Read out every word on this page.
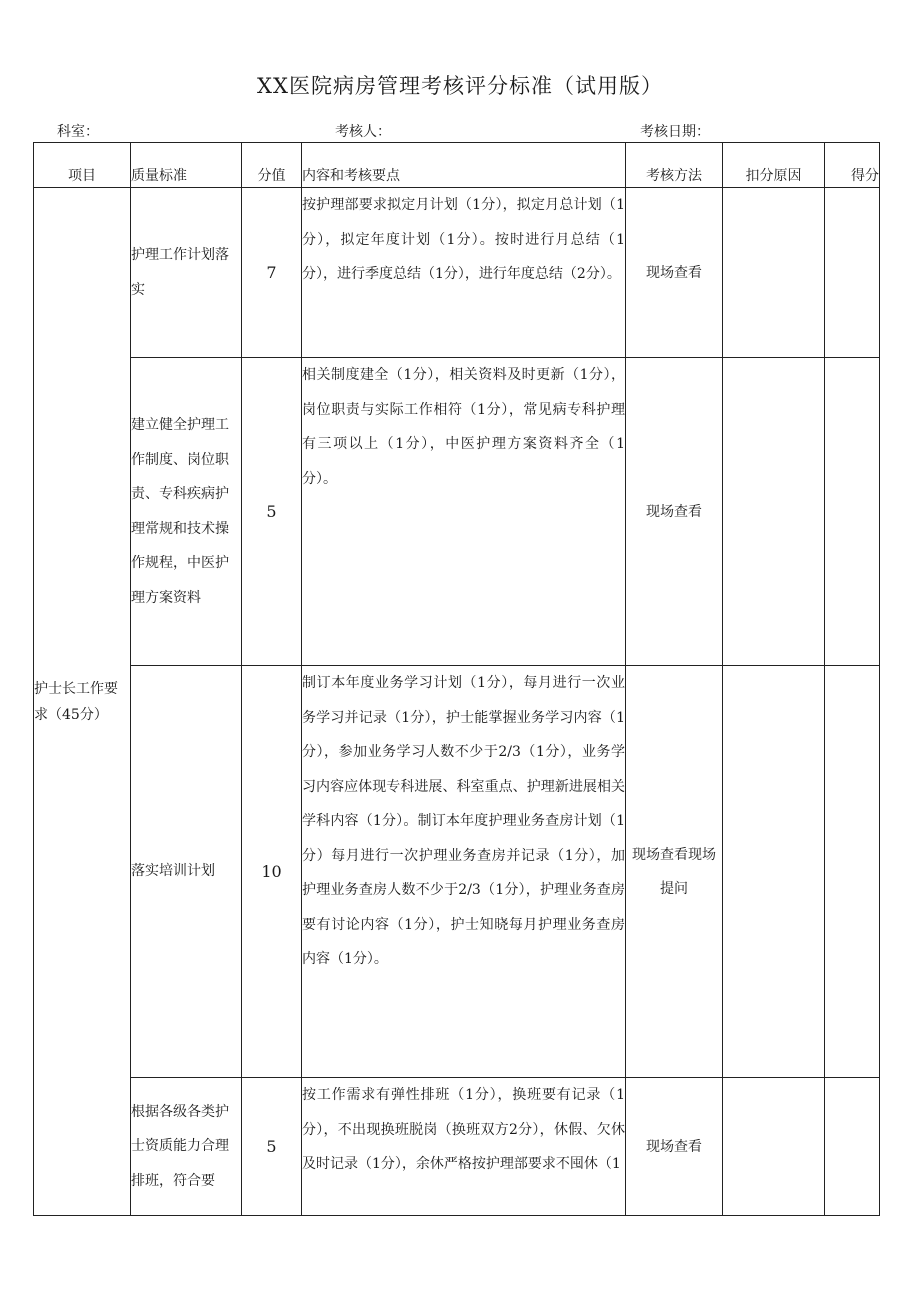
XX医院病房管理考核评分标准（试用版）
科室：	考核人：	考核日期：
项目	质量标准	分值	内容和考核要点	考核方法	扣分原因	得分
护士长工作要求（45分）	护理工作计划落实	7	按护理部要求拟定月计划（1分），拟定月总计划（1分），拟定年度计划（1分）。按时进行月总结（1分），进行季度总结（1分），进行年度总结（2分）。	现场查看		
	建立健全护理工作制度、岗位职责、专科疾病护理常规和技术操作规程，中医护理方案资料	5	相关制度建全（1分），相关资料及时更新（1分），岗位职责与实际工作相符（1分），常见病专科护理有三项以上（1分），中医护理方案资料齐全（1分）。	现场查看		
	落实培训计划	10	制订本年度业务学习计划（1分），每月进行一次业务学习并记录（1分），护士能掌握业务学习内容（1分），参加业务学习人数不少于2/3（1分），业务学习内容应体现专科进展、科室重点、护理新进展相关学科内容（1分）。制订本年度护理业务查房计划（1分）每月进行一次护理业务查房并记录（1分），加护理业务查房人数不少于2/3（1分），护理业务查房要有讨论内容（1分），护士知晓每月护理业务查房内容（1分）。	现场查看现场提问		
	根据各级各类护士资质能力合理排班，符合要	5	按工作需求有弹性排班（1分），换班要有记录（1分），不出现换班脱岗（换班双方2分），休假、欠休及时记录（1分），余休严格按护理部要求不囤休（1	现场查看		
